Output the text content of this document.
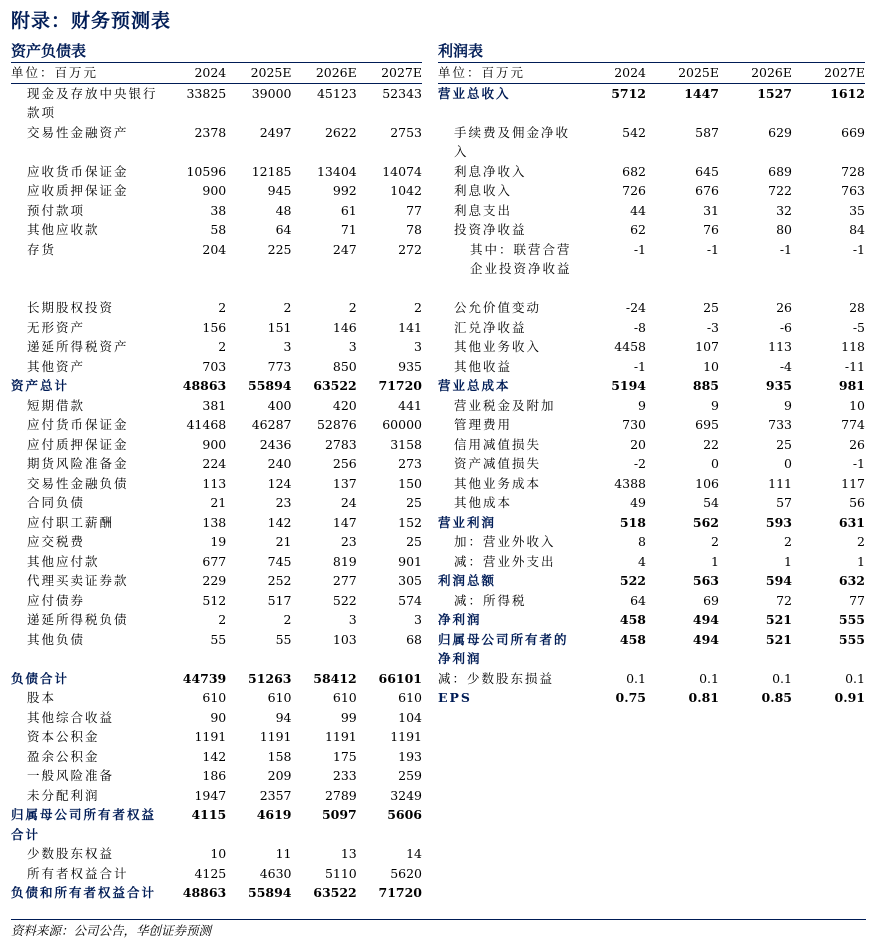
附录：财务预测表
资产负债表
单位：百万元	2024	2025E	2026E	2027E
现金及存放中央银行款项	33825	39000	45123	52343
交易性金融资产	2378	2497	2622	2753
应收货币保证金	10596	12185	13404	14074
应收质押保证金	900	945	992	1042
预付款项	38	48	61	77
其他应收款	58	64	71	78
存货	204	225	247	272
长期股权投资	2	2	2	2
无形资产	156	151	146	141
递延所得税资产	2	3	3	3
其他资产	703	773	850	935
资产总计	48863	55894	63522	71720
短期借款	381	400	420	441
应付货币保证金	41468	46287	52876	60000
应付质押保证金	900	2436	2783	3158
期货风险准备金	224	240	256	273
交易性金融负债	113	124	137	150
合同负债	21	23	24	25
应付职工薪酬	138	142	147	152
应交税费	19	21	23	25
其他应付款	677	745	819	901
代理买卖证券款	229	252	277	305
应付债券	512	517	522	574
递延所得税负债	2	2	3	3
其他负债	55	55	103	68
负债合计	44739	51263	58412	66101
股本	610	610	610	610
其他综合收益	90	94	99	104
资本公积金	1191	1191	1191	1191
盈余公积金	142	158	175	193
一般风险准备	186	209	233	259
未分配利润	1947	2357	2789	3249
归属母公司所有者权益合计	4115	4619	5097	5606
少数股东权益	10	11	13	14
所有者权益合计	4125	4630	5110	5620
负债和所有者权益合计	48863	55894	63522	71720
利润表
单位：百万元	2024	2025E	2026E	2027E
营业总收入	5712	1447	1527	1612
手续费及佣金净收入	542	587	629	669
利息净收入	682	645	689	728
利息收入	726	676	722	763
利息支出	44	31	32	35
投资净收益	62	76	80	84
其中：联营合营企业投资净收益	-1	-1	-1	-1
公允价值变动	-24	25	26	28
汇兑净收益	-8	-3	-6	-5
其他业务收入	4458	107	113	118
其他收益	-1	10	-4	-11
营业总成本	5194	885	935	981
营业税金及附加	9	9	9	10
管理费用	730	695	733	774
信用减值损失	20	22	25	26
资产减值损失	-2	0	0	-1
其他业务成本	4388	106	111	117
其他成本	49	54	57	56
营业利润	518	562	593	631
加：营业外收入	8	2	2	2
减：营业外支出	4	1	1	1
利润总额	522	563	594	632
减：所得税	64	69	72	77
净利润	458	494	521	555
归属母公司所有者的净利润	458	494	521	555
减：少数股东损益	0.1	0.1	0.1	0.1
EPS	0.75	0.81	0.85	0.91
资料来源：公司公告，华创证券预测
